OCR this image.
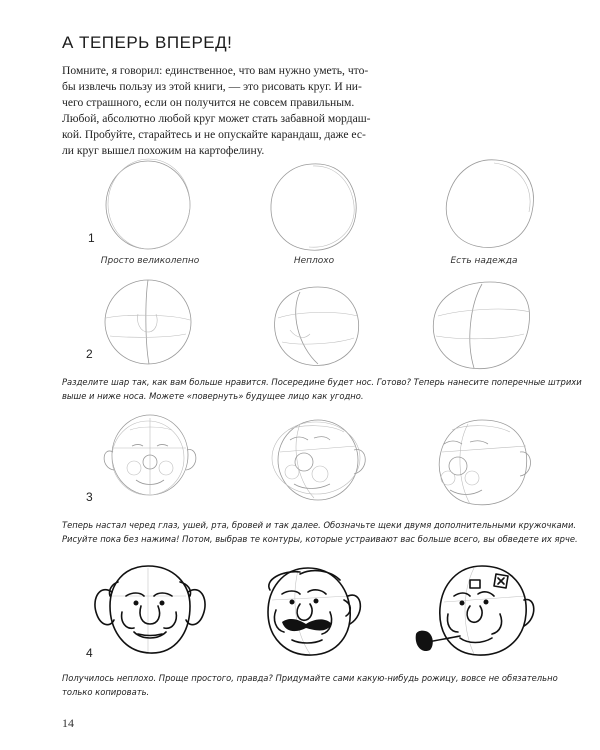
А ТЕПЕРЬ ВПЕРЕД!
Помните, я говорил: единственное, что вам нужно уметь, что-
бы извлечь пользу из этой книги, — это рисовать круг. И ни-
чего страшного, если он получится не совсем правильным.
Любой, абсолютно любой круг может стать забавной мордаш-
кой. Пробуйте, старайтесь и не опускайте карандаш, даже ес-
ли круг вышел похожим на картофелину.
1
2
3
4
Просто великолепно	Неплохо	Есть надежда
Разделите шар так, как вам больше нравится. Посередине будет нос. Готово? Теперь нанесите поперечные штрихи
выше и ниже носа. Можете «повернуть» будущее лицо как угодно.
Теперь настал черед глаз, ушей, рта, бровей и так далее. Обозначьте щеки двумя дополнительными кружочками.
Рисуйте пока без нажима! Потом, выбрав те контуры, которые устраивают вас больше всего, вы обведете их ярче.
Получилось неплохо. Проще простого, правда? Придумайте сами какую-нибудь рожицу, вовсе не обязательно
только копировать.
14
